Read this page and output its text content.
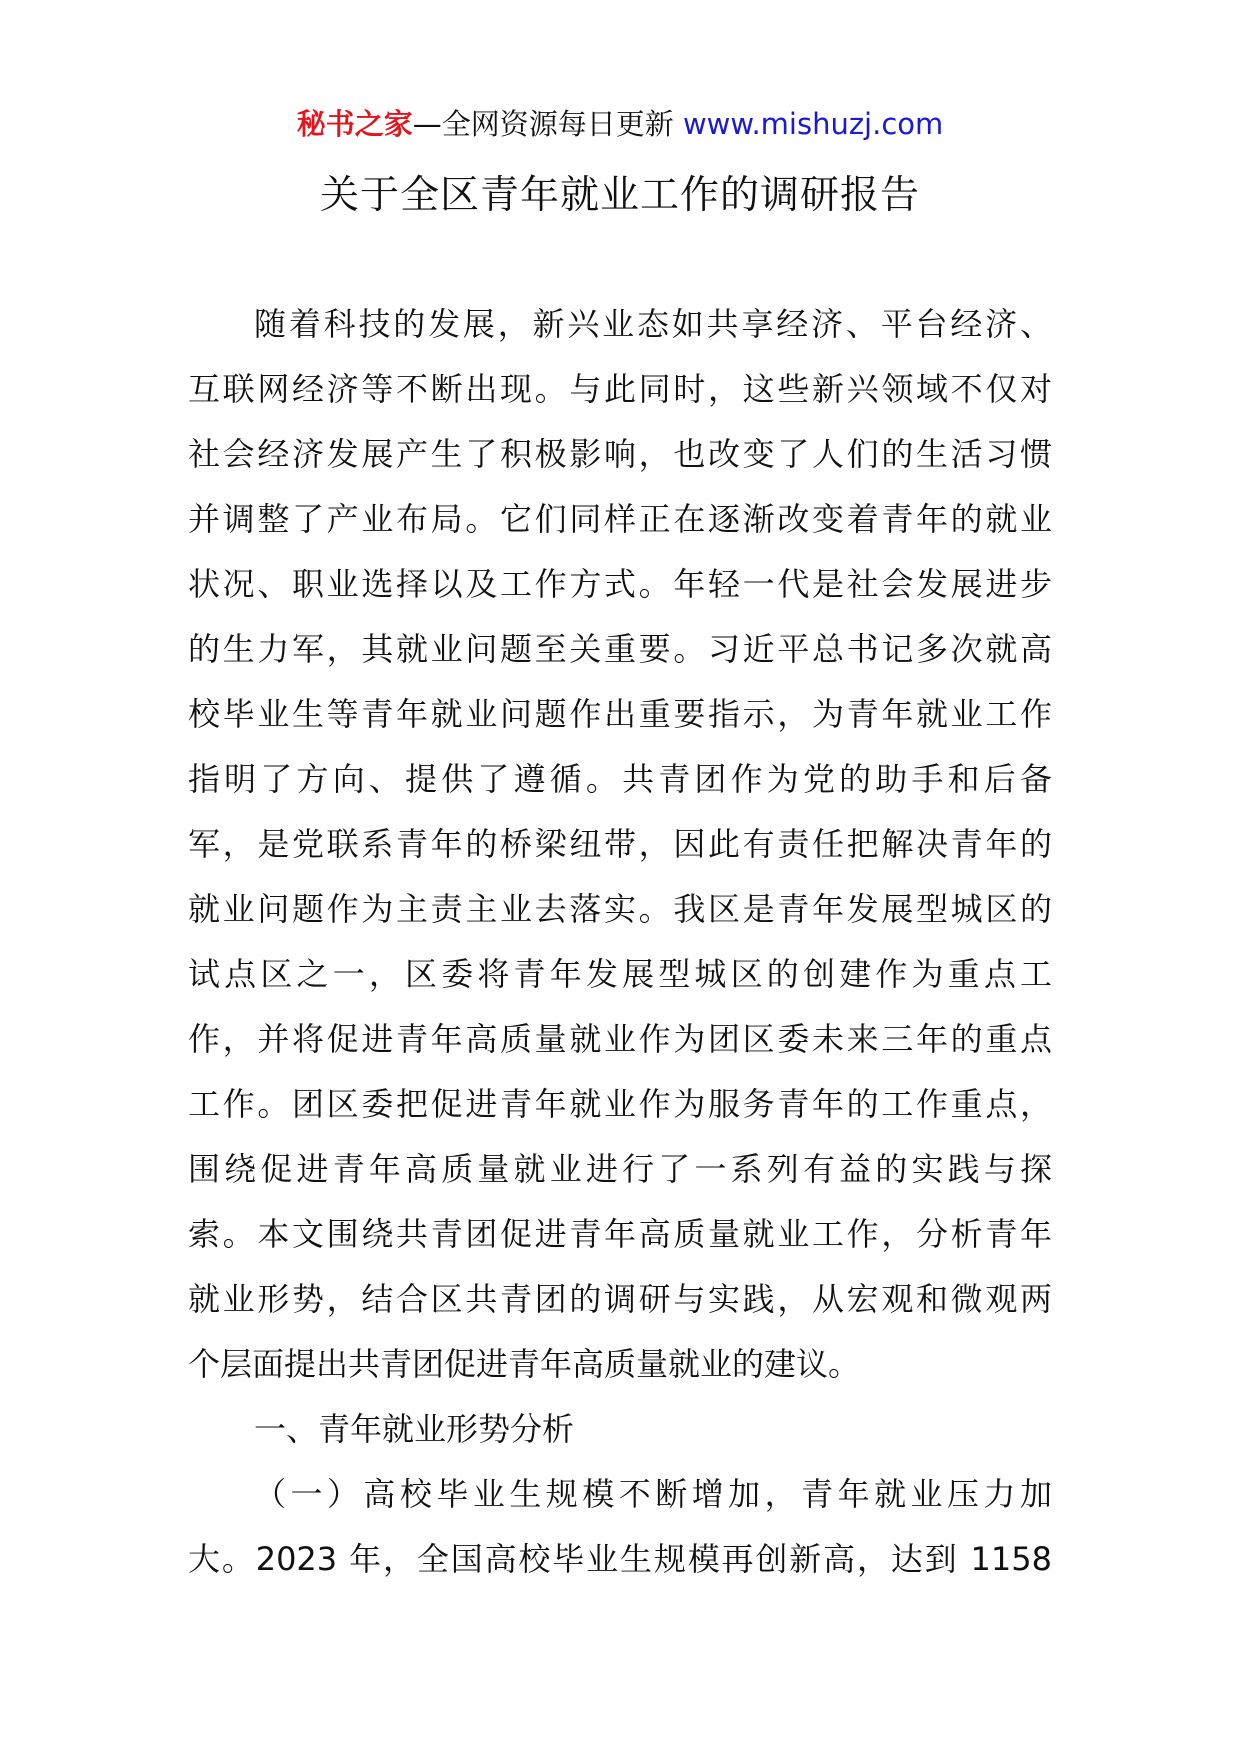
秘书之家—全网资源每日更新 www.mishuzj.com
关于全区青年就业工作的调研报告
随着科技的发展，新兴业态如共享经济、平台经济、
互联网经济等不断出现。与此同时，这些新兴领域不仅对
社会经济发展产生了积极影响，也改变了人们的生活习惯
并调整了产业布局。它们同样正在逐渐改变着青年的就业
状况、职业选择以及工作方式。年轻一代是社会发展进步
的生力军，其就业问题至关重要。习近平总书记多次就高
校毕业生等青年就业问题作出重要指示，为青年就业工作
指明了方向、提供了遵循。共青团作为党的助手和后备
军，是党联系青年的桥梁纽带，因此有责任把解决青年的
就业问题作为主责主业去落实。我区是青年发展型城区的
试点区之一，区委将青年发展型城区的创建作为重点工
作，并将促进青年高质量就业作为团区委未来三年的重点
工作。团区委把促进青年就业作为服务青年的工作重点，
围绕促进青年高质量就业进行了一系列有益的实践与探
索。本文围绕共青团促进青年高质量就业工作，分析青年
就业形势，结合区共青团的调研与实践，从宏观和微观两
个层面提出共青团促进青年高质量就业的建议。
一、青年就业形势分析
（一）高校毕业生规模不断增加，青年就业压力加
大。2023 年，全国高校毕业生规模再创新高，达到 1158
